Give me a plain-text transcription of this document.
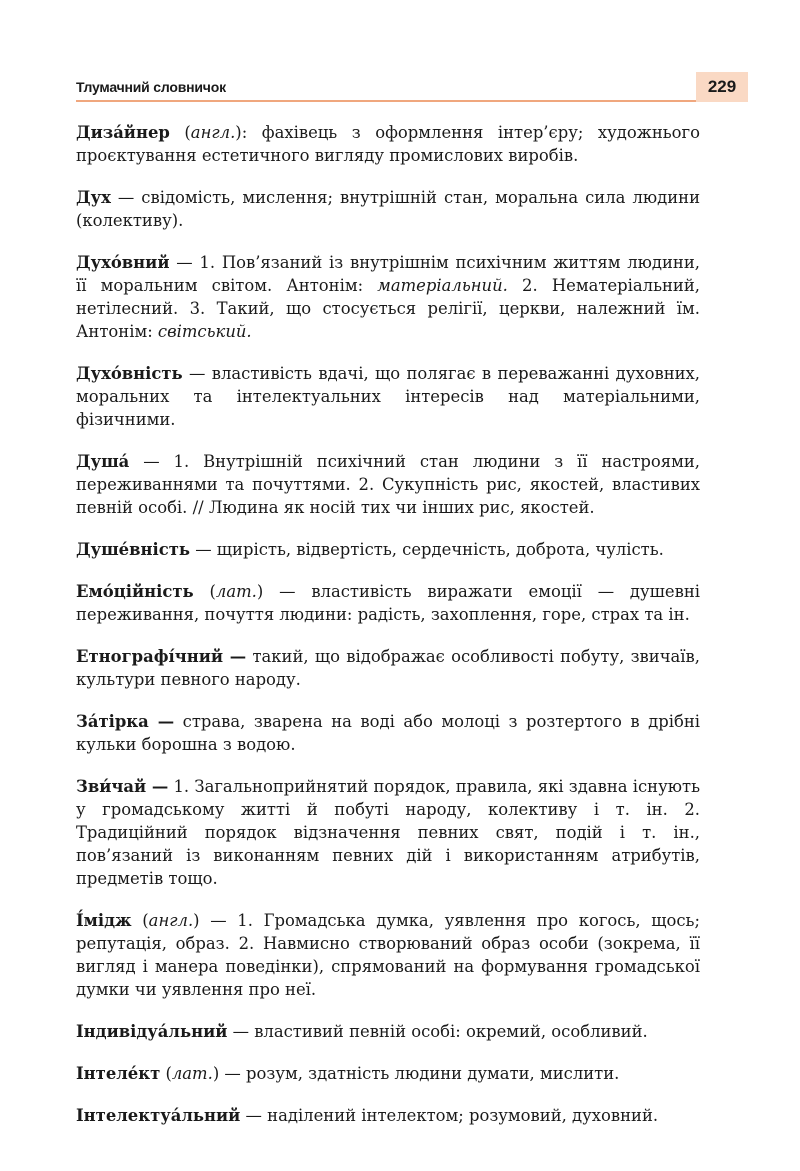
Тлумачний словничок	229

Диза́йнер (англ.): фахівець з оформлення інтер’єру; художнього проєктування естетичного вигляду промислових виробів.

Дух — свідомість, мислення; внутрішній стан, моральна сила людини (колективу).

Духо́вний — 1. Пов’язаний із внутрішнім психічним життям людини, її моральним світом. Антонім: матеріальний. 2. Нематеріальний, нетілесний. 3. Такий, що стосується релігії, церкви, належний їм. Антонім: світський.

Духо́вність — властивість вдачі, що полягає в переважанні духовних, моральних та інтелектуальних інтересів над матеріальними, фізичними.

Душа́ — 1. Внутрішній психічний стан людини з її настроями, переживаннями та почуттями. 2. Сукупність рис, якостей, властивих певній особі. // Людина як носій тих чи інших рис, якостей.

Душе́вність — щирість, відвертість, сердечність, доброта, чулість.

Емо́ційність (лат.) — властивість виражати емоції — душевні переживання, почуття людини: радість, захоплення, горе, страх та ін.

Етнографі́чний — такий, що відображає особливості побуту, звичаїв, культури певного народу.

За́тірка — страва, зварена на воді або молоці з розтертого в дрібні кульки борошна з водою.

Зви́чай — 1. Загальноприйнятий порядок, правила, які здавна існують у громадському житті й побуті народу, колективу і т. ін. 2. Традиційний порядок відзначення певних свят, подій і т. ін., пов’язаний із виконанням певних дій і використанням атрибутів, предметів тощо.

І́мідж (англ.) — 1. Громадська думка, уявлення про когось, щось; репутація, образ. 2. Навмисно створюваний образ особи (зокрема, її вигляд і манера поведінки), спрямований на формування громадської думки чи уявлення про неї.

Індивідуа́льний — властивий певній особі: окремий, особливий.

Інтеле́кт (лат.) — розум, здатність людини думати, мислити.

Інтелектуа́льний — наділений інтелектом; розумовий, духовний.
